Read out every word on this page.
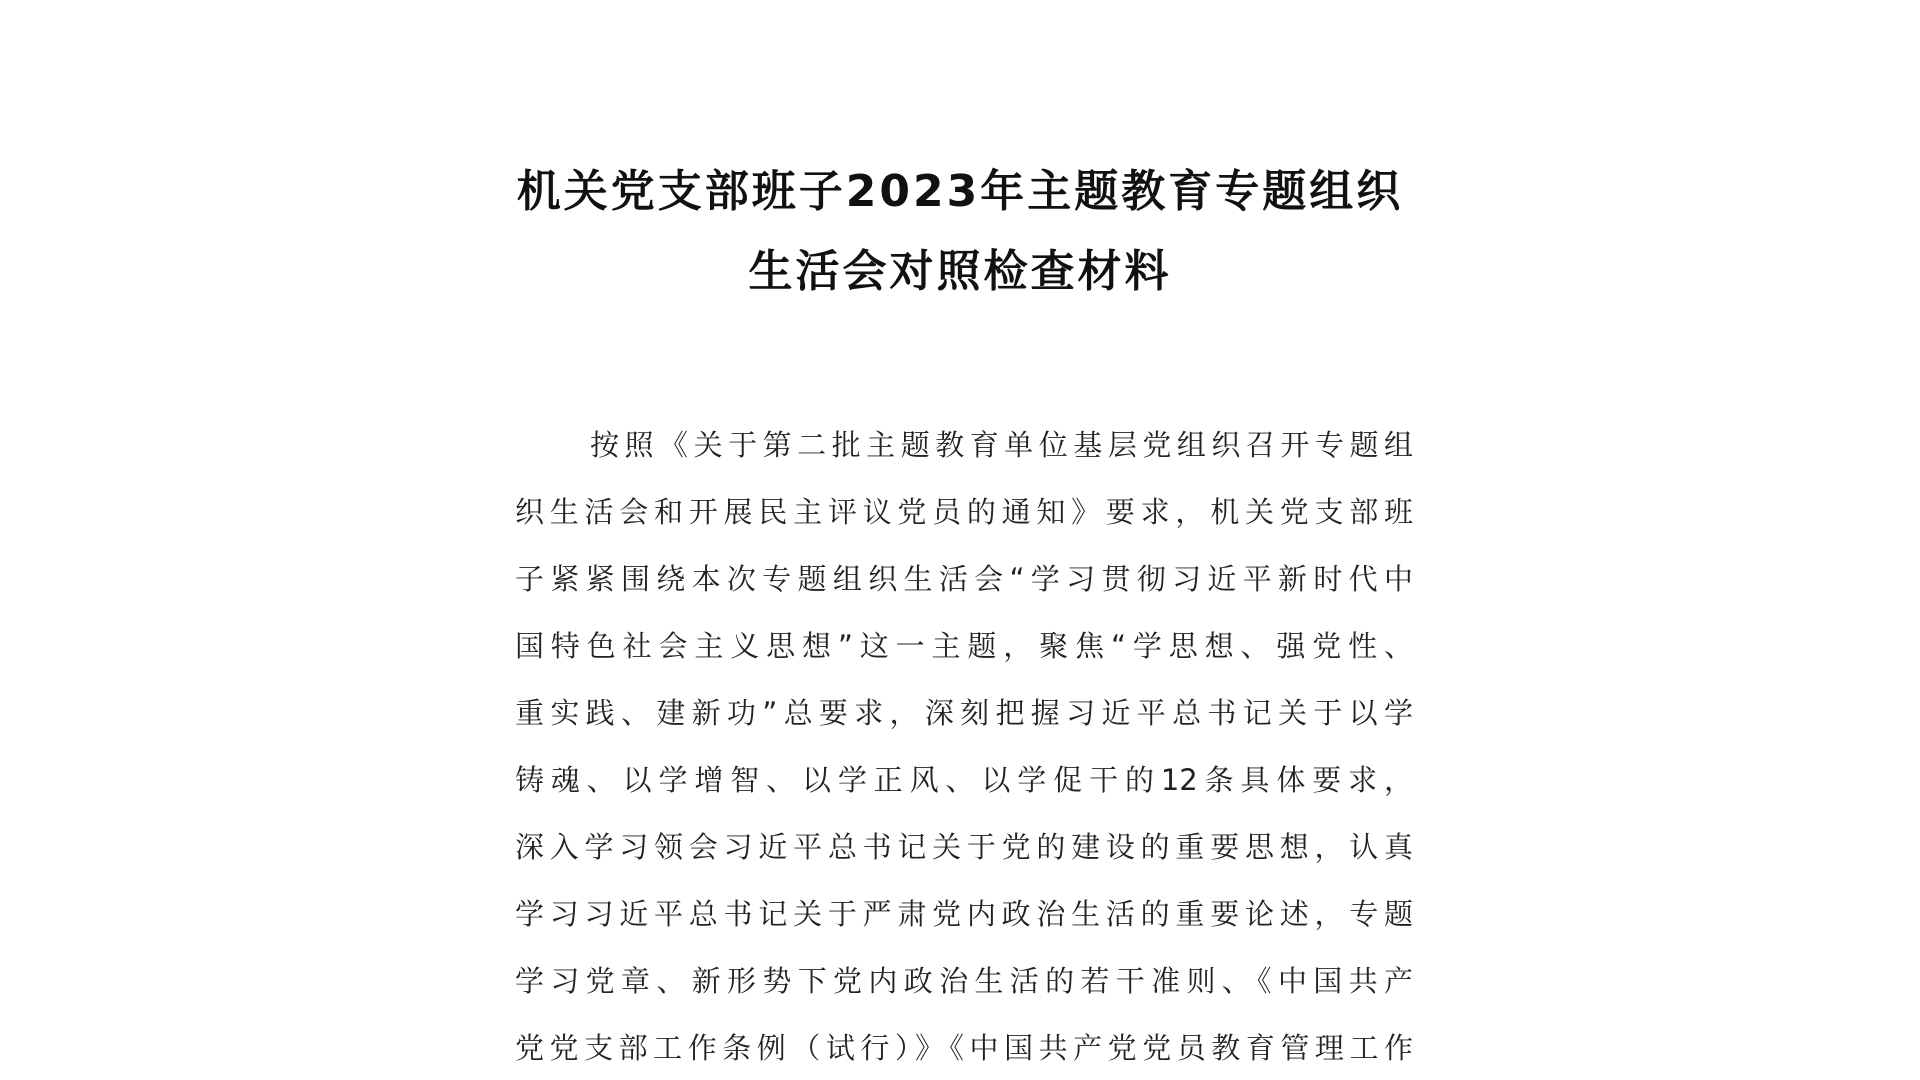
机关党支部班子2023年主题教育专题组织
生活会对照检查材料
按照《关于第二批主题教育单位基层党组织召开专题组
织生活会和开展民主评议党员的通知》要求，机关党支部班
子紧紧围绕本次专题组织生活会“学习贯彻习近平新时代中
国特色社会主义思想”这一主题，聚焦“学思想、强党性、
重实践、建新功”总要求，深刻把握习近平总书记关于以学
铸魂、以学增智、以学正风、以学促干的12条具体要求，
深入学习领会习近平总书记关于党的建设的重要思想，认真
学习习近平总书记关于严肃党内政治生活的重要论述，专题
学习党章、新形势下党内政治生活的若干准则、《中国共产
党党支部工作条例（试行）》《中国共产党党员教育管理工作
